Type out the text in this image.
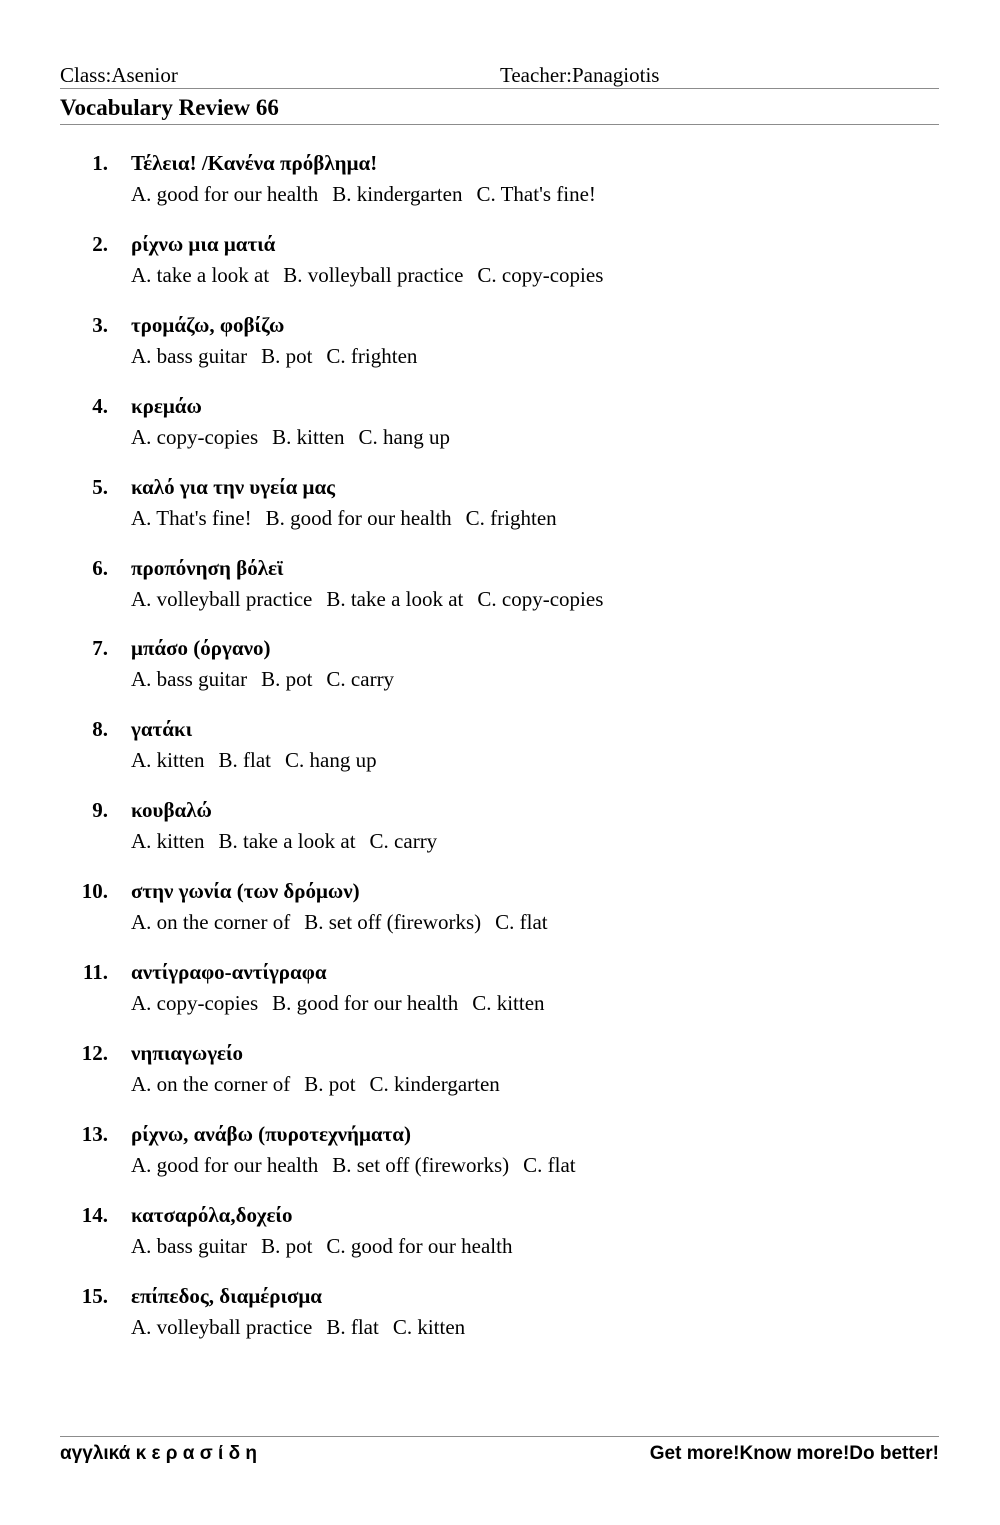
Class:Asenior	Teacher:Panagiotis
Vocabulary Review 66
1. Τέλεια! /Κανένα πρόβλημα!
A. good for our health B. kindergarten C. That's fine!
2. ρίχνω μια ματιά
A. take a look at B. volleyball practice C. copy-copies
3. τρομάζω, φοβίζω
A. bass guitar B. pot C. frighten
4. κρεμάω
A. copy-copies B. kitten C. hang up
5. καλό για την υγεία μας
A. That's fine! B. good for our health C. frighten
6. προπόνηση βόλεϊ
A. volleyball practice B. take a look at C. copy-copies
7. μπάσο (όργανο)
A. bass guitar B. pot C. carry
8. γατάκι
A. kitten B. flat C. hang up
9. κουβαλώ
A. kitten B. take a look at C. carry
10. στην γωνία (των δρόμων)
A. on the corner of B. set off (fireworks) C. flat
11. αντίγραφο-αντίγραφα
A. copy-copies B. good for our health C. kitten
12. νηπιαγωγείο
A. on the corner of B. pot C. kindergarten
13. ρίχνω, ανάβω (πυροτεχνήματα)
A. good for our health B. set off (fireworks) C. flat
14. κατσαρόλα,δοχείο
A. bass guitar B. pot C. good for our health
15. επίπεδος, διαμέρισμα
A. volleyball practice B. flat C. kitten
αγγλικά κ ε ρ α σ ί δ η	Get more!Know more!Do better!
